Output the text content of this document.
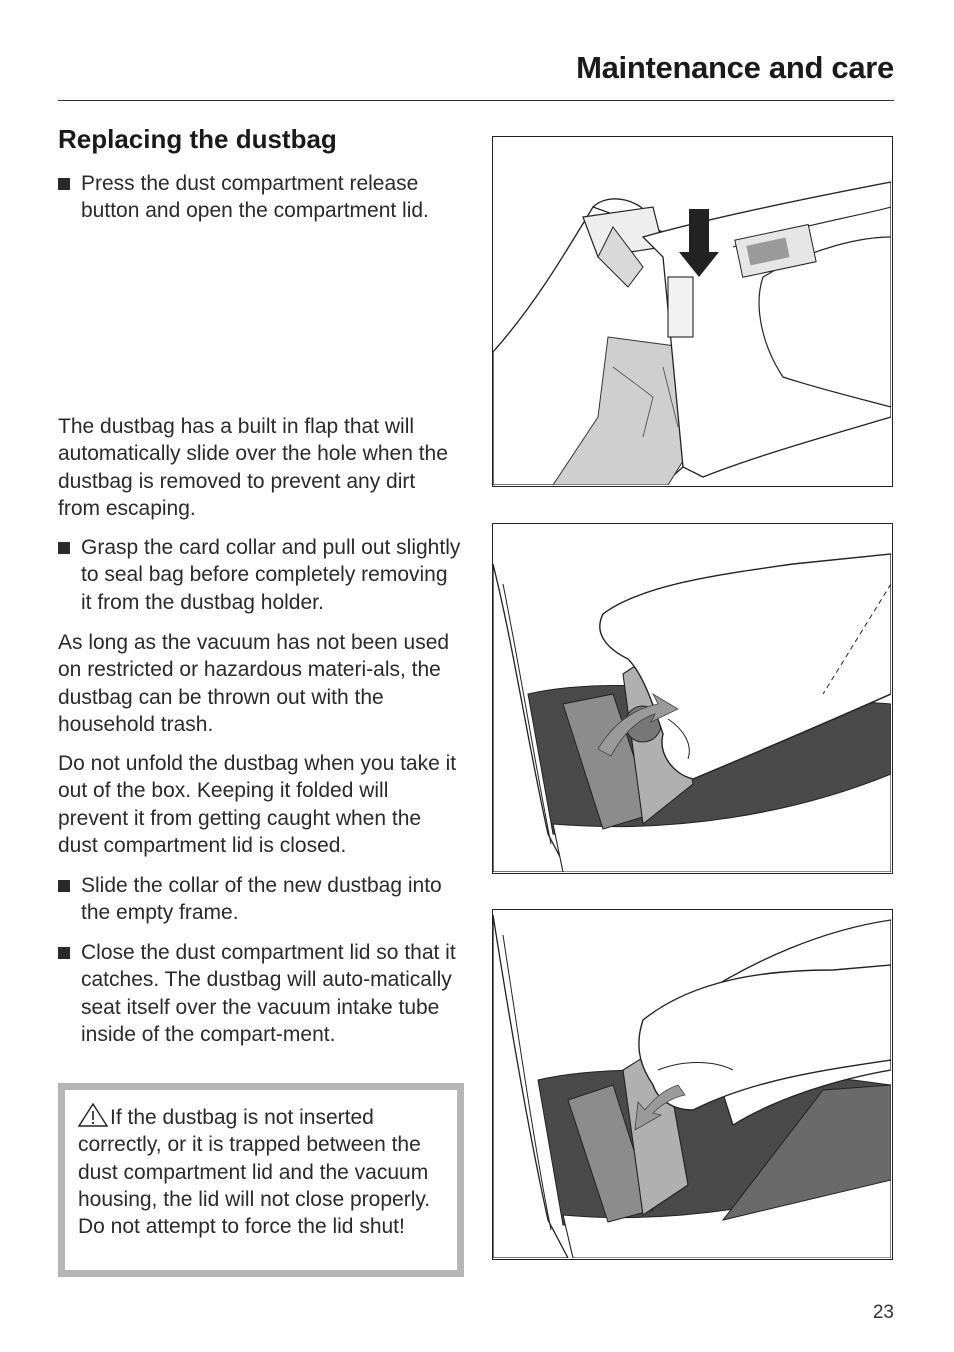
Maintenance and care
Replacing the dustbag
Press the dust compartment release button and open the compartment lid.
The dustbag has a built in flap that will automatically slide over the hole when the dustbag is removed to prevent any dirt from escaping.
Grasp the card collar and pull out slightly to seal bag before completely removing it from the dustbag holder.
As long as the vacuum has not been used on restricted or hazardous materi-als, the dustbag can be thrown out with the household trash.
Do not unfold the dustbag when you take it out of the box. Keeping it folded will prevent it from getting caught when the dust compartment lid is closed.
Slide the collar of the new dustbag into the empty frame.
Close the dust compartment lid so that it catches. The dustbag will auto-matically seat itself over the vacuum intake tube inside of the compart-ment.
If the dustbag is not inserted correctly, or it is trapped between the dust compartment lid and the vacuum housing, the lid will not close properly.
Do not attempt to force the lid shut!
23
